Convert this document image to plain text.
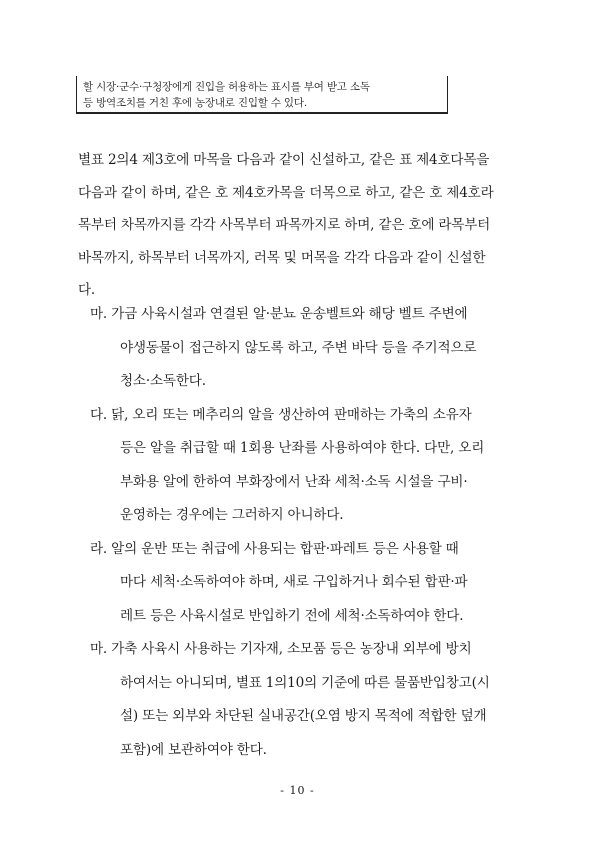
할 시장·군수·구청장에게 진입을 허용하는 표시를 부여 받고 소독
등 방역조치를 거친 후에 농장내로 진입할 수 있다.
별표 2의4 제3호에 마목을 다음과 같이 신설하고, 같은 표 제4호다목을
다음과 같이 하며, 같은 호 제4호카목을 더목으로 하고, 같은 호 제4호라
목부터 차목까지를 각각 사목부터 파목까지로 하며, 같은 호에 라목부터
바목까지, 하목부터 너목까지, 러목 및 머목을 각각 다음과 같이 신설한
다.
마. 가금 사육시설과 연결된 알·분뇨 운송벨트와 해당 벨트 주변에
야생동물이 접근하지 않도록 하고, 주변 바닥 등을 주기적으로
청소·소독한다.
다. 닭, 오리 또는 메추리의 알을 생산하여 판매하는 가축의 소유자
등은 알을 취급할 때 1회용 난좌를 사용하여야 한다. 다만, 오리
부화용 알에 한하여 부화장에서 난좌 세척·소독 시설을 구비·
운영하는 경우에는 그러하지 아니하다.
라. 알의 운반 또는 취급에 사용되는 합판·파레트 등은 사용할 때
마다 세척·소독하여야 하며, 새로 구입하거나 회수된 합판·파
레트 등은 사육시설로 반입하기 전에 세척·소독하여야 한다.
마. 가축 사육시 사용하는 기자재, 소모품 등은 농장내 외부에 방치
하여서는 아니되며, 별표 1의10의 기준에 따른 물품반입창고(시
설) 또는 외부와 차단된 실내공간(오염 방지 목적에 적합한 덮개
포함)에 보관하여야 한다.
- 10 -
